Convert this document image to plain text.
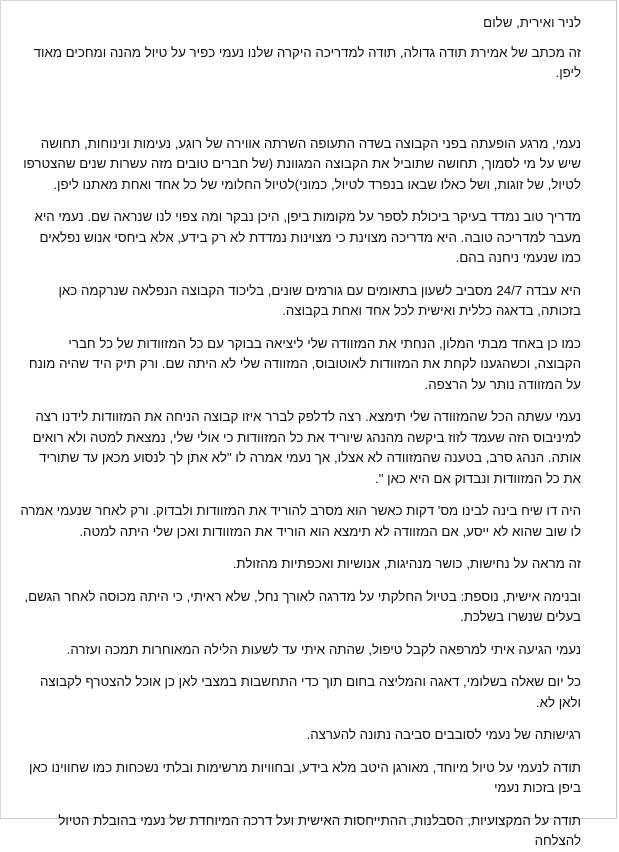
לניר ואירית, שלום

זה מכתב של אמירת תודה גדולה, תודה למדריכה היקרה שלנו נעמי כפיר על טיול מהנה ומחכים מאוד ליפן.

נעמי, מרגע הופעתה בפני הקבוצה בשדה התעופה השרתה אווירה של רוגע, נעימות ונינוחות, תחושה שיש על מי לסמוך, תחושה שתוביל את הקבוצה המגוונת (של חברים טובים מזה עשרות שנים שהצטרפו לטיול, של זוגות, ושל כאלו שבאו בנפרד לטיול, כמוני)לטיול החלומי של כל אחד ואחת מאתנו ליפן.

מדריך טוב נמדד בעיקר ביכולת לספר על מקומות ביפן, היכן נבקר ומה צפוי לנו שנראה שם. נעמי היא מעבר למדריכה טובה. היא מדריכה מצוינת כי מצוינות נמדדת לא רק בידע, אלא ביחסי אנוש נפלאים כמו שנעמי ניחנה בהם.

היא עבדה 24/7 מסביב לשעון בתאומים עם גורמים שונים, בליכוד הקבוצה הנפלאה שנרקמה כאן בזכותה, בדאגה כללית ואישית לכל אחד ואחת בקבוצה.

כמו כן באחד מבתי המלון, הנחתי את המזוודה שלי ליציאה בבוקר עם כל המזוודות של כל חברי הקבוצה, וכשהגענו לקחת את המזוודות לאוטובוס, המזוודה שלי לא היתה שם. ורק תיק היד שהיה מונח על המזוודה נותר על הרצפה.

נעמי עשתה הכל שהמזוודה שלי תימצא. רצה לדלפק לברר איזו קבוצה הניחה את המזוודות לידנו רצה למיניבוס הזה שעמד לזוז ביקשה מהנהג שיוריד את כל המזוודות כי אולי שלי, נמצאת למטה ולא רואים אותה. הנהג סרב, בטענה שהמזוודה לא אצלו, אך נעמי אמרה לו "לא אתן לך לנסוע מכאן עד שתוריד את כל המזוודות ונבדוק אם היא כאן ".

היה דו שיח בינה לבינו מס' דקות כאשר הוא מסרב להוריד את המזוודות ולבדוק. ורק לאחר שנעמי אמרה לו שוב שהוא לא ייסע, אם המזוודה לא תימצא הוא הוריד את המזוודות ואכן שלי היתה למטה.

זה מראה על נחישות, כושר מנהיגות, אנושיות ואכפתיות מהזולת.

ובנימה אישית, נוספת: בטיול החלקתי על מדרגה לאורך נחל, שלא ראיתי, כי היתה מכוסה לאחר הגשם, בעלים שנשרו בשלכת.

נעמי הגיעה איתי למרפאה לקבל טיפול, שהתה איתי עד לשעות הלילה המאוחרות תמכה ועזרה.

כל יום שאלה בשלומי, דאגה והמליצה בחום תוך כדי התחשבות במצבי לאן כן אוכל להצטרף לקבוצה ולאן לא.

רגישותה של נעמי לסובבים סביבה נתונה להערצה.

תודה לנעמי על טיול מיוחד, מאורגן היטב מלא בידע, ובחוויות מרשימות ובלתי נשכחות כמו שחווינו כאן ביפן בזכות נעמי

תודה על המקצועיות, הסבלנות, ההתייחסות האישית ועל דרכה המיוחדת של נעמי בהובלת הטיול להצלחה
